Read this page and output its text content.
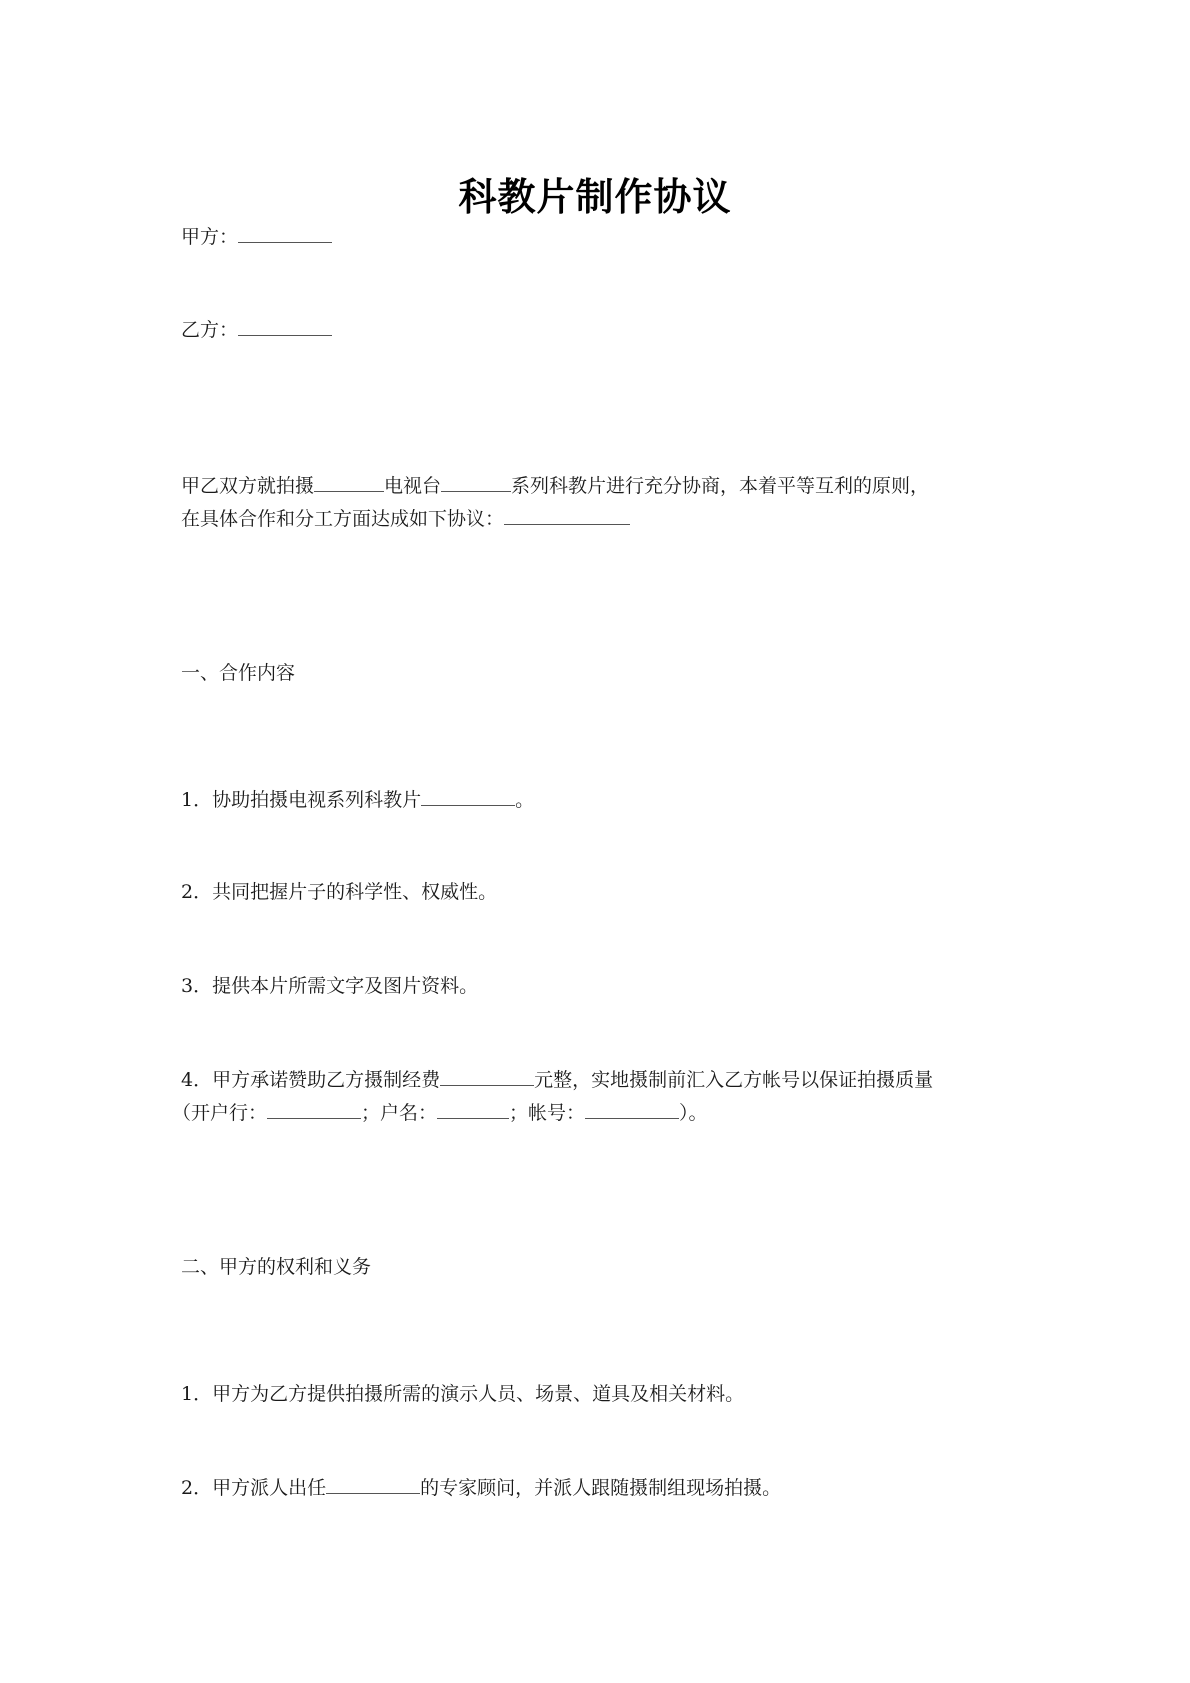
科教片制作协议
甲方：
乙方：
甲乙双方就拍摄	电视台	系列科教片进行充分协商，本着平等互利的原则，
在具体合作和分工方面达成如下协议：
一、合作内容
1．协助拍摄电视系列科教片	。
2．共同把握片子的科学性、权威性。
3．提供本片所需文字及图片资料。
4．甲方承诺赞助乙方摄制经费	元整，实地摄制前汇入乙方帐号以保证拍摄质量
（开户行：	；户名：	；帐号：	）。
二、甲方的权利和义务
1．甲方为乙方提供拍摄所需的演示人员、场景、道具及相关材料。
2．甲方派人出任	的专家顾问，并派人跟随摄制组现场拍摄。
